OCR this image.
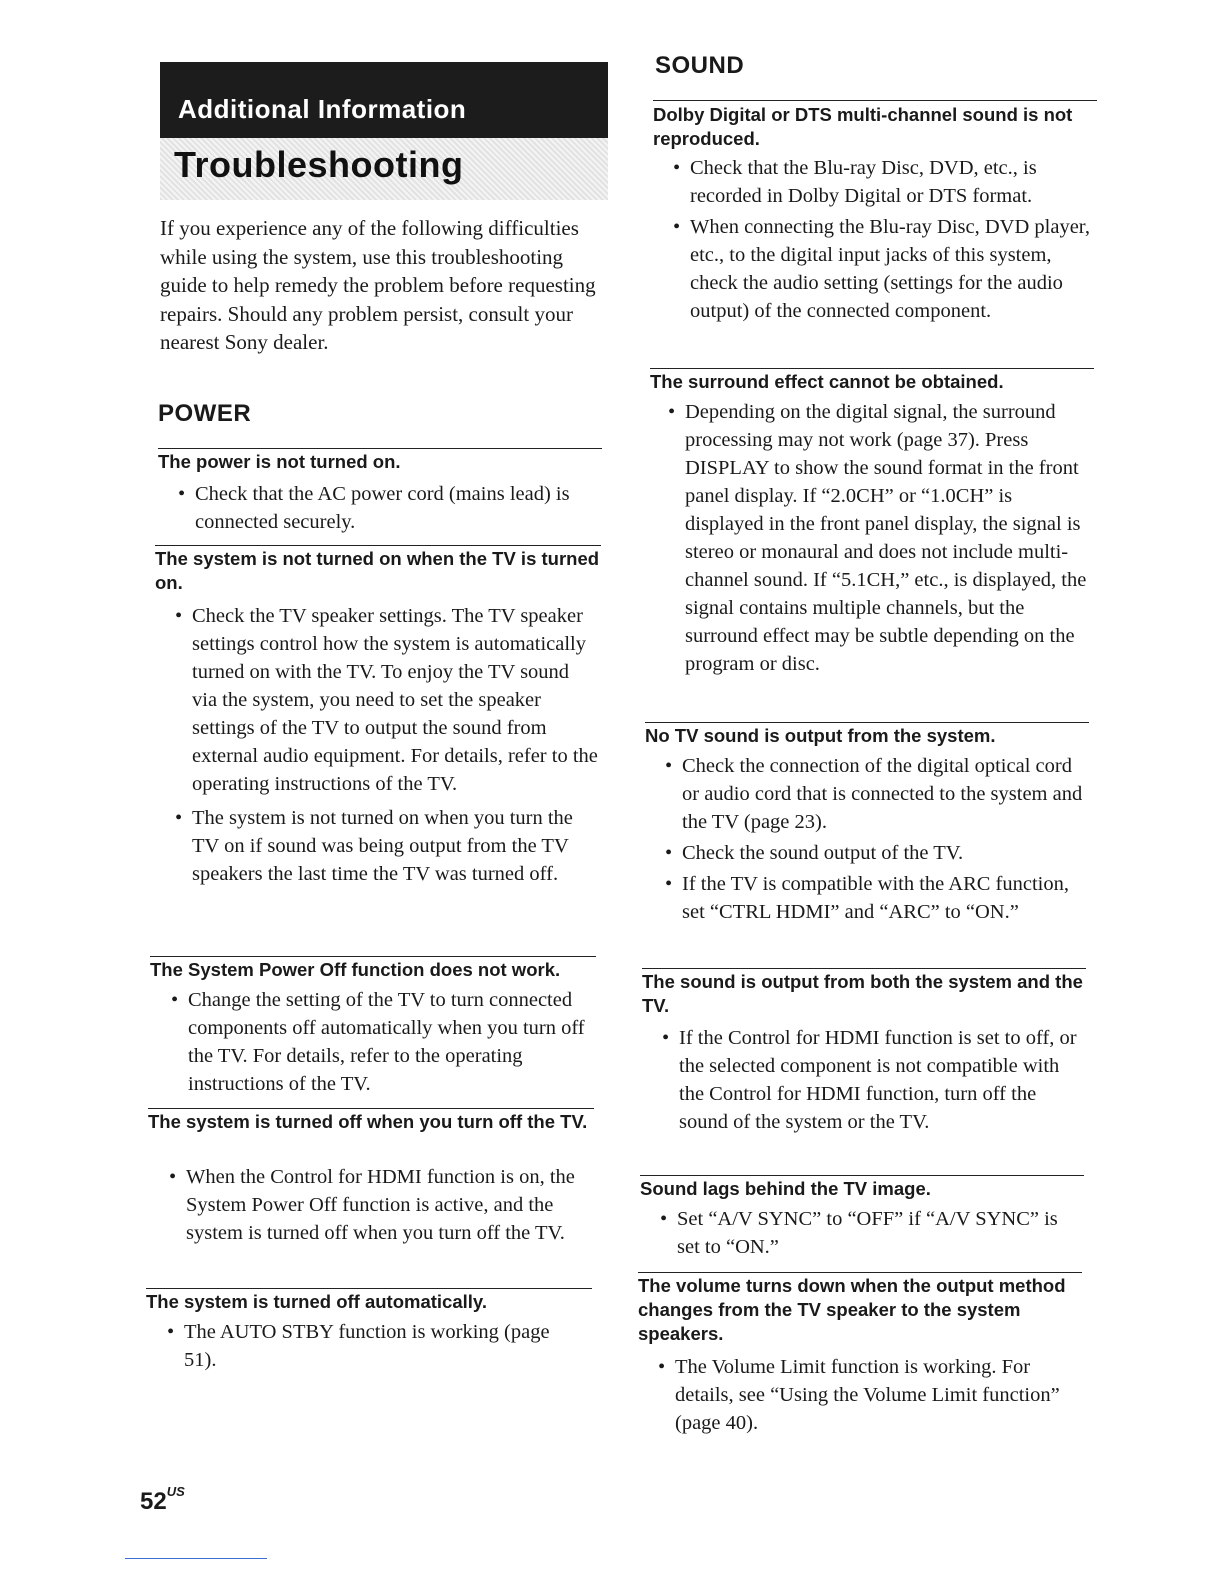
Additional Information
Troubleshooting
If you experience any of the following difficulties while using the system, use this troubleshooting guide to help remedy the problem before requesting repairs. Should any problem persist, consult your nearest Sony dealer.
POWER
The power is not turned on.
• Check that the AC power cord (mains lead) is connected securely.
The system is not turned on when the TV is turned on.
• Check the TV speaker settings. The TV speaker settings control how the system is automatically turned on with the TV. To enjoy the TV sound via the system, you need to set the speaker settings of the TV to output the sound from external audio equipment. For details, refer to the operating instructions of the TV.
• The system is not turned on when you turn the TV on if sound was being output from the TV speakers the last time the TV was turned off.
The System Power Off function does not work.
• Change the setting of the TV to turn connected components off automatically when you turn off the TV. For details, refer to the operating instructions of the TV.
The system is turned off when you turn off the TV.
• When the Control for HDMI function is on, the System Power Off function is active, and the system is turned off when you turn off the TV.
The system is turned off automatically.
• The AUTO STBY function is working (page 51).
SOUND
Dolby Digital or DTS multi-channel sound is not reproduced.
• Check that the Blu-ray Disc, DVD, etc., is recorded in Dolby Digital or DTS format.
• When connecting the Blu-ray Disc, DVD player, etc., to the digital input jacks of this system, check the audio setting (settings for the audio output) of the connected component.
The surround effect cannot be obtained.
• Depending on the digital signal, the surround processing may not work (page 37). Press DISPLAY to show the sound format in the front panel display. If “2.0CH” or “1.0CH” is displayed in the front panel display, the signal is stereo or monaural and does not include multi-channel sound. If “5.1CH,” etc., is displayed, the signal contains multiple channels, but the surround effect may be subtle depending on the program or disc.
No TV sound is output from the system.
• Check the connection of the digital optical cord or audio cord that is connected to the system and the TV (page 23).
• Check the sound output of the TV.
• If the TV is compatible with the ARC function, set “CTRL HDMI” and “ARC” to “ON.”
The sound is output from both the system and the TV.
• If the Control for HDMI function is set to off, or the selected component is not compatible with the Control for HDMI function, turn off the sound of the system or the TV.
Sound lags behind the TV image.
• Set “A/V SYNC” to “OFF” if “A/V SYNC” is set to “ON.”
The volume turns down when the output method changes from the TV speaker to the system speakers.
• The Volume Limit function is working. For details, see “Using the Volume Limit function” (page 40).
$52^{US}$
